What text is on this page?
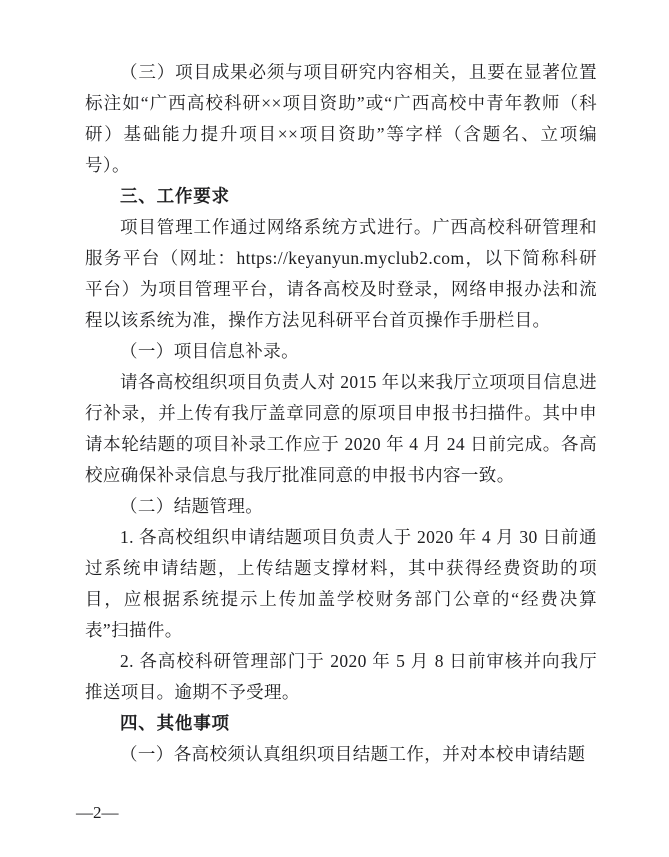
（三）项目成果必须与项目研究内容相关，且要在显著位置标注如“广西高校科研××项目资助”或“广西高校中青年教师（科研）基础能力提升项目××项目资助”等字样（含题名、立项编号）。

三、工作要求

项目管理工作通过网络系统方式进行。广西高校科研管理和服务平台（网址：https://keyanyun.myclub2.com，以下简称科研平台）为项目管理平台，请各高校及时登录，网络申报办法和流程以该系统为准，操作方法见科研平台首页操作手册栏目。

（一）项目信息补录。

请各高校组织项目负责人对 2015 年以来我厅立项项目信息进行补录，并上传有我厅盖章同意的原项目申报书扫描件。其中申请本轮结题的项目补录工作应于 2020 年 4 月 24 日前完成。各高校应确保补录信息与我厅批准同意的申报书内容一致。

（二）结题管理。

1. 各高校组织申请结题项目负责人于 2020 年 4 月 30 日前通过系统申请结题，上传结题支撑材料，其中获得经费资助的项目，应根据系统提示上传加盖学校财务部门公章的“经费决算表”扫描件。

2. 各高校科研管理部门于 2020 年 5 月 8 日前审核并向我厅推送项目。逾期不予受理。

四、其他事项

（一）各高校须认真组织项目结题工作，并对本校申请结题

—2—
